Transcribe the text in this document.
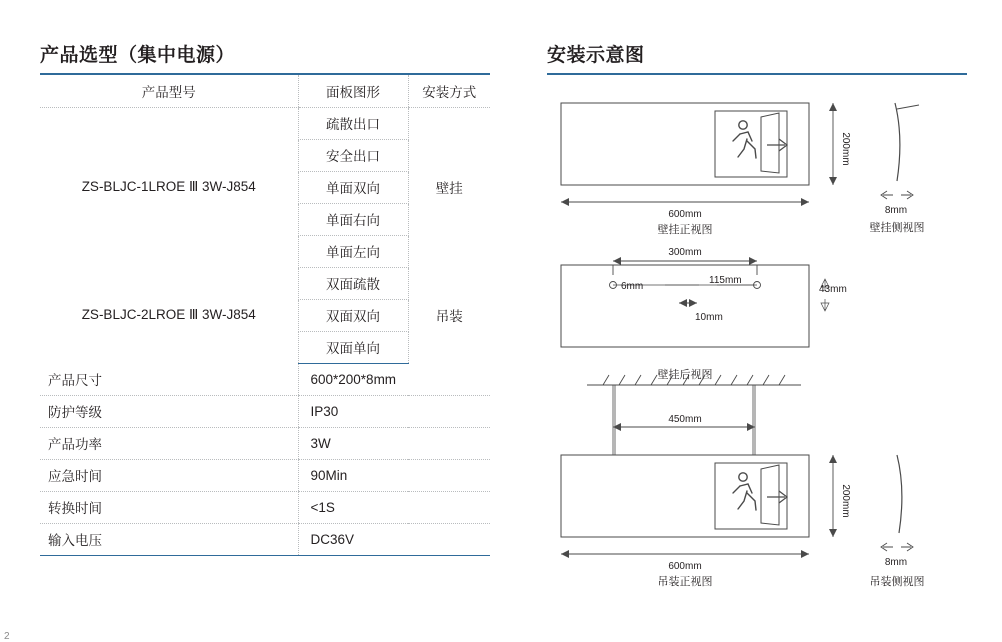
产品选型（集中电源）
产品型号	面板图形	安装方式
ZS-BLJC-1LROE Ⅲ 3W-J854	疏散出口	壁挂
	安全出口	
	单面双向	
	单面右向	
	单面左向	
ZS-BLJC-2LROE Ⅲ 3W-J854	双面疏散	吊装
	双面双向	
	双面单向	
产品尺寸	600*200*8mm	
防护等级	IP30	
产品功率	3W	
应急时间	90Min	
转换时间	<1S	
输入电压	DC36V	
安装示意图
600mm
200mm
8mm
300mm
6mm
115mm
10mm
43mm
450mm
600mm
200mm
8mm
壁挂正视图	壁挂侧视图
壁挂后视图
吊装正视图	吊装侧视图
2
